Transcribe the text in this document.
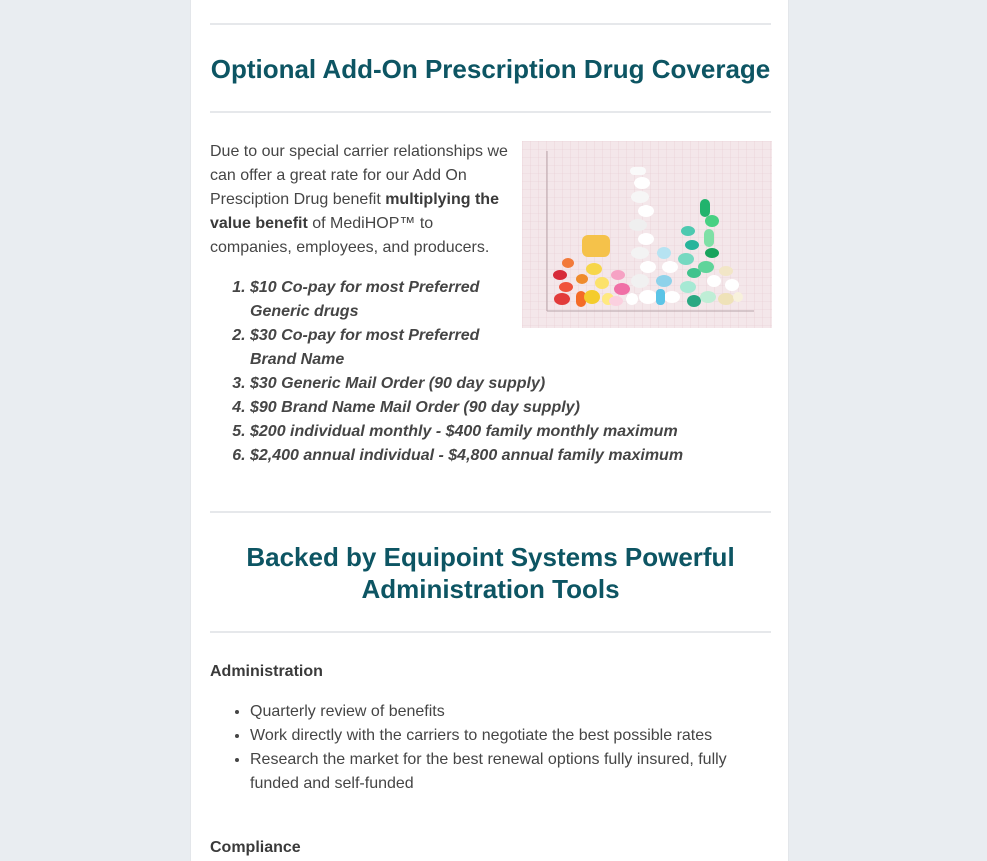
Optional Add-On Prescription Drug Coverage

Due to our special carrier relationships we can offer a great rate for our Add On Presciption Drug benefit multiplying the value benefit of MediHOP™ to companies, employees, and producers.

1. $10 Co-pay for most Preferred Generic drugs
2. $30 Co-pay for most Preferred Brand Name
3. $30 Generic Mail Order (90 day supply)
4. $90 Brand Name Mail Order (90 day supply)
5. $200 individual monthly - $400 family monthly maximum
6. $2,400 annual individual - $4,800 annual family maximum
Backed by Equipoint Systems Powerful Administration Tools
Administration
• Quarterly review of benefits
• Work directly with the carriers to negotiate the best possible rates
• Research the market for the best renewal options fully insured, fully funded and self-funded
Compliance
